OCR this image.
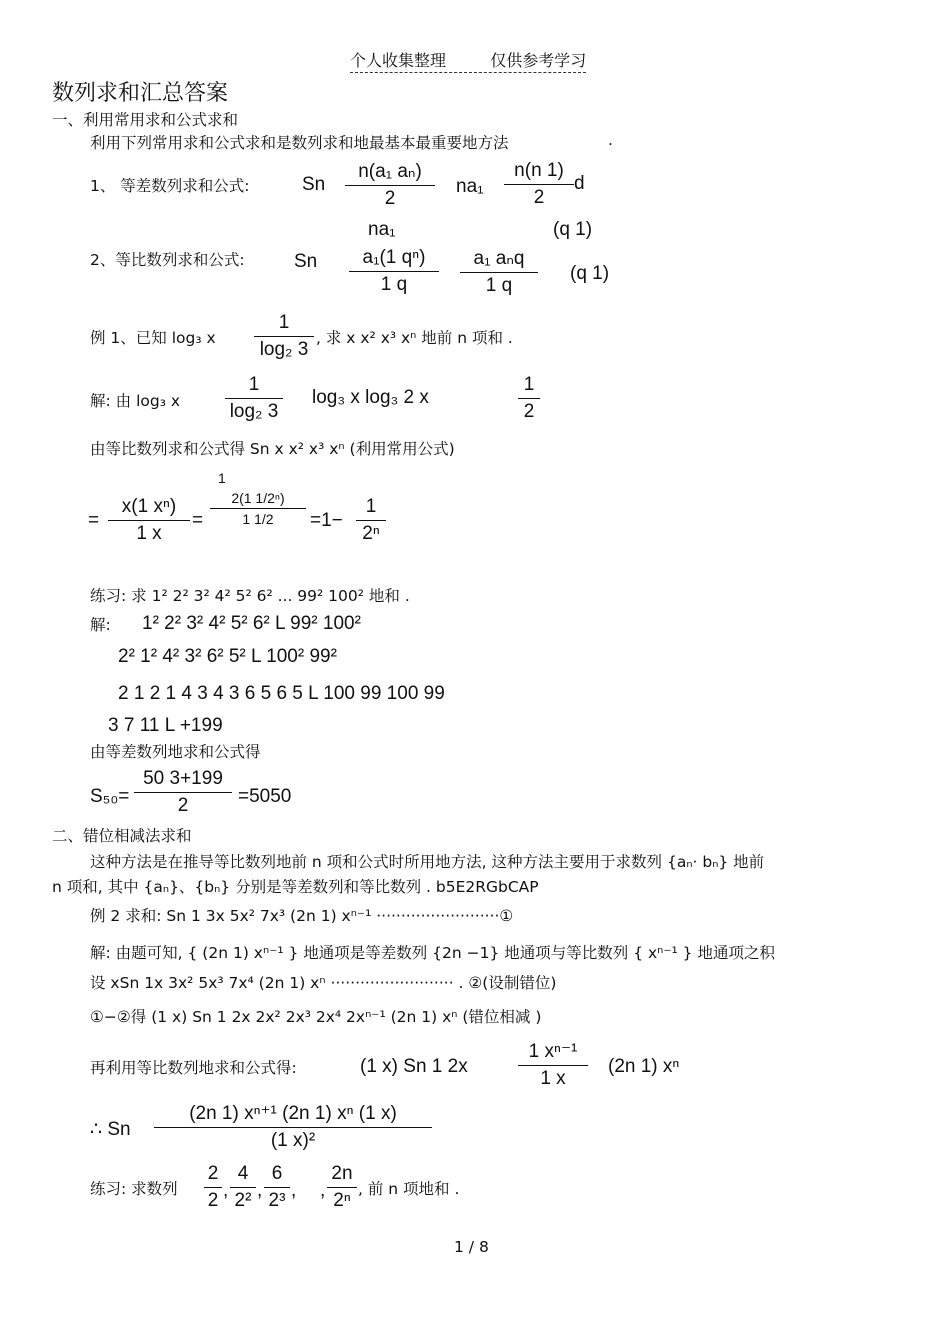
个人收集整理	仅供参考学习
数列求和汇总答案
一、利用常用求和公式求和
利用下列常用求和公式求和是数列求和地最基本最重要地方法	.
1、 等差数列求和公式:	Sn $\frac{\text{n(a₁ aₙ)}}{2} na_1 \frac{n(n 1)}{2}$ d
na₁	(q 1)
2、等比数列求和公式:	Sn $\frac{\text{a₁(1 qⁿ)}}{1 q}$	a₁ aₙq
1 q
(q 1)
例 1、已知 log₃ x $\frac{1}{\text{log₂ 3}}$ , 求 x x² x³ xⁿ 地前 n 项和 .
解: 由 log₃ x $\frac{1}{\text{log₂ 3}} \log_3$ x log₃ 2 x	$\frac{1}{2}$
由等比数列求和公式得 Sn x x² x³ xⁿ (利用常用公式)
= $\frac{\text{x(1 xⁿ)}}{1 x}$ =
1
$\frac{\text{2(1 1/2ⁿ)}}{1 1/2} =1- \frac{1}{\text{2ⁿ}}$
练习: 求 1² 2² 3² 4² 5² 6² ... 99² 100² 地和 .
解: 1² 2² 3² 4² 5² 6² L 99² 100²
2² 1² 4² 3² 6² 5² L 100² 99²
2 1 2 1 4 3 4 3 6 5 6 5 L 100 99 100 99
3 7 11 L +199
由等差数列地求和公式得
$S_{50}= \frac{50 3+199}{2} =5050$
二、错位相减法求和
这种方法是在推导等比数列地前 n 项和公式时所用地方法, 这种方法主要用于求数列 {aₙ· bₙ} 地前
n 项和, 其中 {aₙ}、{bₙ} 分别是等差数列和等比数列 . b5E2RGbCAP
例 2 求和: Sn 1 3x 5x² 7x³ (2n 1) xⁿ⁻¹ ·························①
解: 由题可知, { (2n 1) xⁿ⁻¹ } 地通项是等差数列 {2n −1} 地通项与等比数列 { xⁿ⁻¹ } 地通项之积
设 xSn 1x 3x² 5x³ 7x⁴ (2n 1) xⁿ ························· . ②(设制错位)
①−②得 (1 x) Sn 1 2x 2x² 2x³ 2x⁴ 2xⁿ⁻¹ (2n 1) xⁿ (错位相减 )
再利用等比数列地求和公式得:	(1 x) Sn 1 2x	$\frac{\text{1 xⁿ⁻¹}}{1 x} (2n$ 1) xⁿ
∴ Sn $\frac{\text{(2n 1) xⁿ⁺¹ (2n 1) xⁿ (1 x)}}{\text{(1 x)²}}$
练习: 求数列 $\frac{2}{2}$ , $\frac{4}{\text{2²}}$ , $\frac{6}{\text{2³}}$ , , $\frac{2n}{\text{2ⁿ}}$ , 前 n 项地和 .
1 / 8
